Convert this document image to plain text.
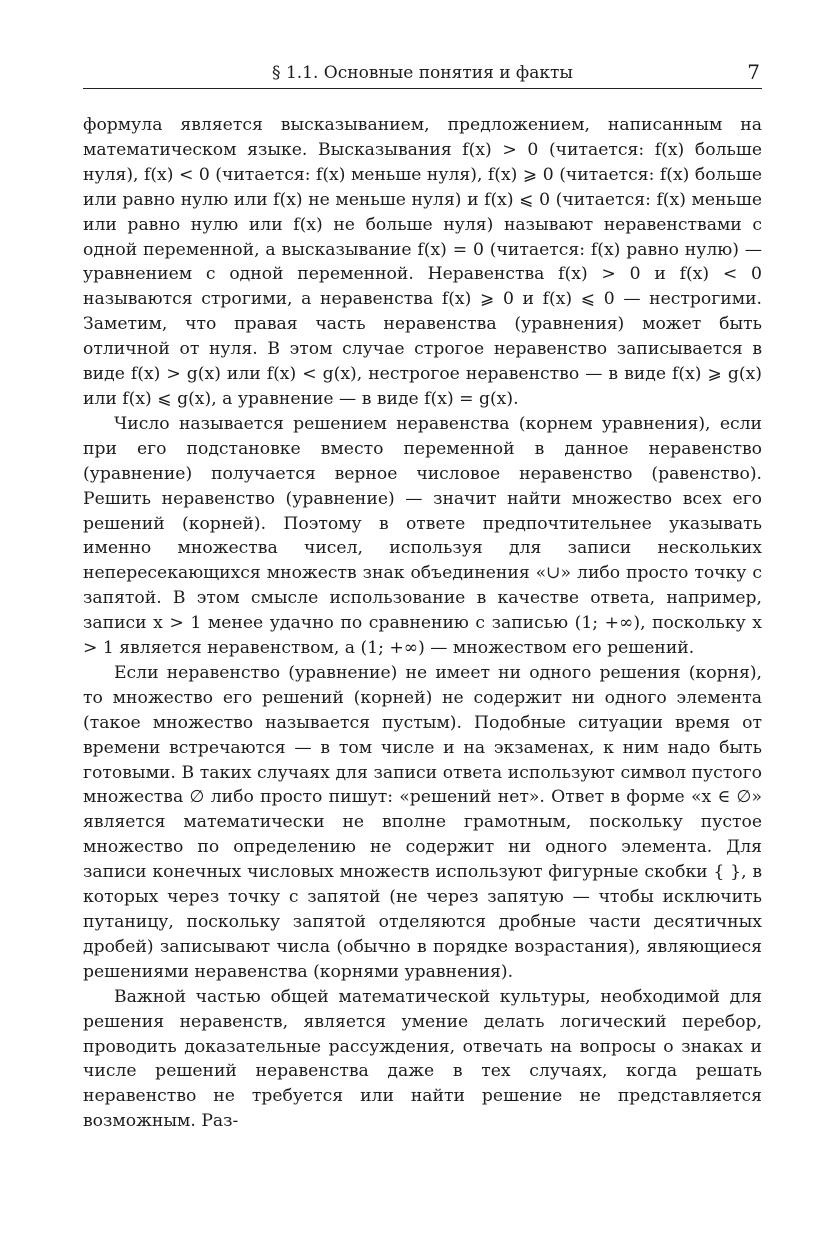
§ 1.1. Основные понятия и факты	7

формула является высказыванием, предложением, написанным на математическом языке. Высказывания f(x) > 0 (читается: f(x) больше нуля), f(x) < 0 (читается: f(x) меньше нуля), f(x) ⩾ 0 (читается: f(x) больше или равно нулю или f(x) не меньше нуля) и f(x) ⩽ 0 (читается: f(x) меньше или равно нулю или f(x) не больше нуля) называют неравенствами с одной переменной, а высказывание f(x) = 0 (читается: f(x) равно нулю) — уравнением с одной переменной. Неравенства f(x) > 0 и f(x) < 0 называются строгими, а неравенства f(x) ⩾ 0 и f(x) ⩽ 0 — нестрогими. Заметим, что правая часть неравенства (уравнения) может быть отличной от нуля. В этом случае строгое неравенство записывается в виде f(x) > g(x) или f(x) < g(x), нестрогое неравенство — в виде f(x) ⩾ g(x) или f(x) ⩽ g(x), а уравнение — в виде f(x) = g(x).

Число называется решением неравенства (корнем уравнения), если при его подстановке вместо переменной в данное неравенство (уравнение) получается верное числовое неравенство (равенство). Решить неравенство (уравнение) — значит найти множество всех его решений (корней). Поэтому в ответе предпочтительнее указывать именно множества чисел, используя для записи нескольких непересекающихся множеств знак объединения «∪» либо просто точку с запятой. В этом смысле использование в качестве ответа, например, записи x > 1 менее удачно по сравнению с записью (1; +∞), поскольку x > 1 является неравенством, а (1; +∞) — множеством его решений.

Если неравенство (уравнение) не имеет ни одного решения (корня), то множество его решений (корней) не содержит ни одного элемента (такое множество называется пустым). Подобные ситуации время от времени встречаются — в том числе и на экзаменах, к ним надо быть готовыми. В таких случаях для записи ответа используют символ пустого множества ∅ либо просто пишут: «решений нет». Ответ в форме «x ∈ ∅» является математически не вполне грамотным, поскольку пустое множество по определению не содержит ни одного элемента. Для записи конечных числовых множеств используют фигурные скобки { }, в которых через точку с запятой (не через запятую — чтобы исключить путаницу, поскольку запятой отделяются дробные части десятичных дробей) записывают числа (обычно в порядке возрастания), являющиеся решениями неравенства (корнями уравнения).

Важной частью общей математической культуры, необходимой для решения неравенств, является умение делать логический перебор, проводить доказательные рассуждения, отвечать на вопросы о знаках и числе решений неравенства даже в тех случаях, когда решать неравенство не требуется или найти решение не представляется возможным. Раз-
